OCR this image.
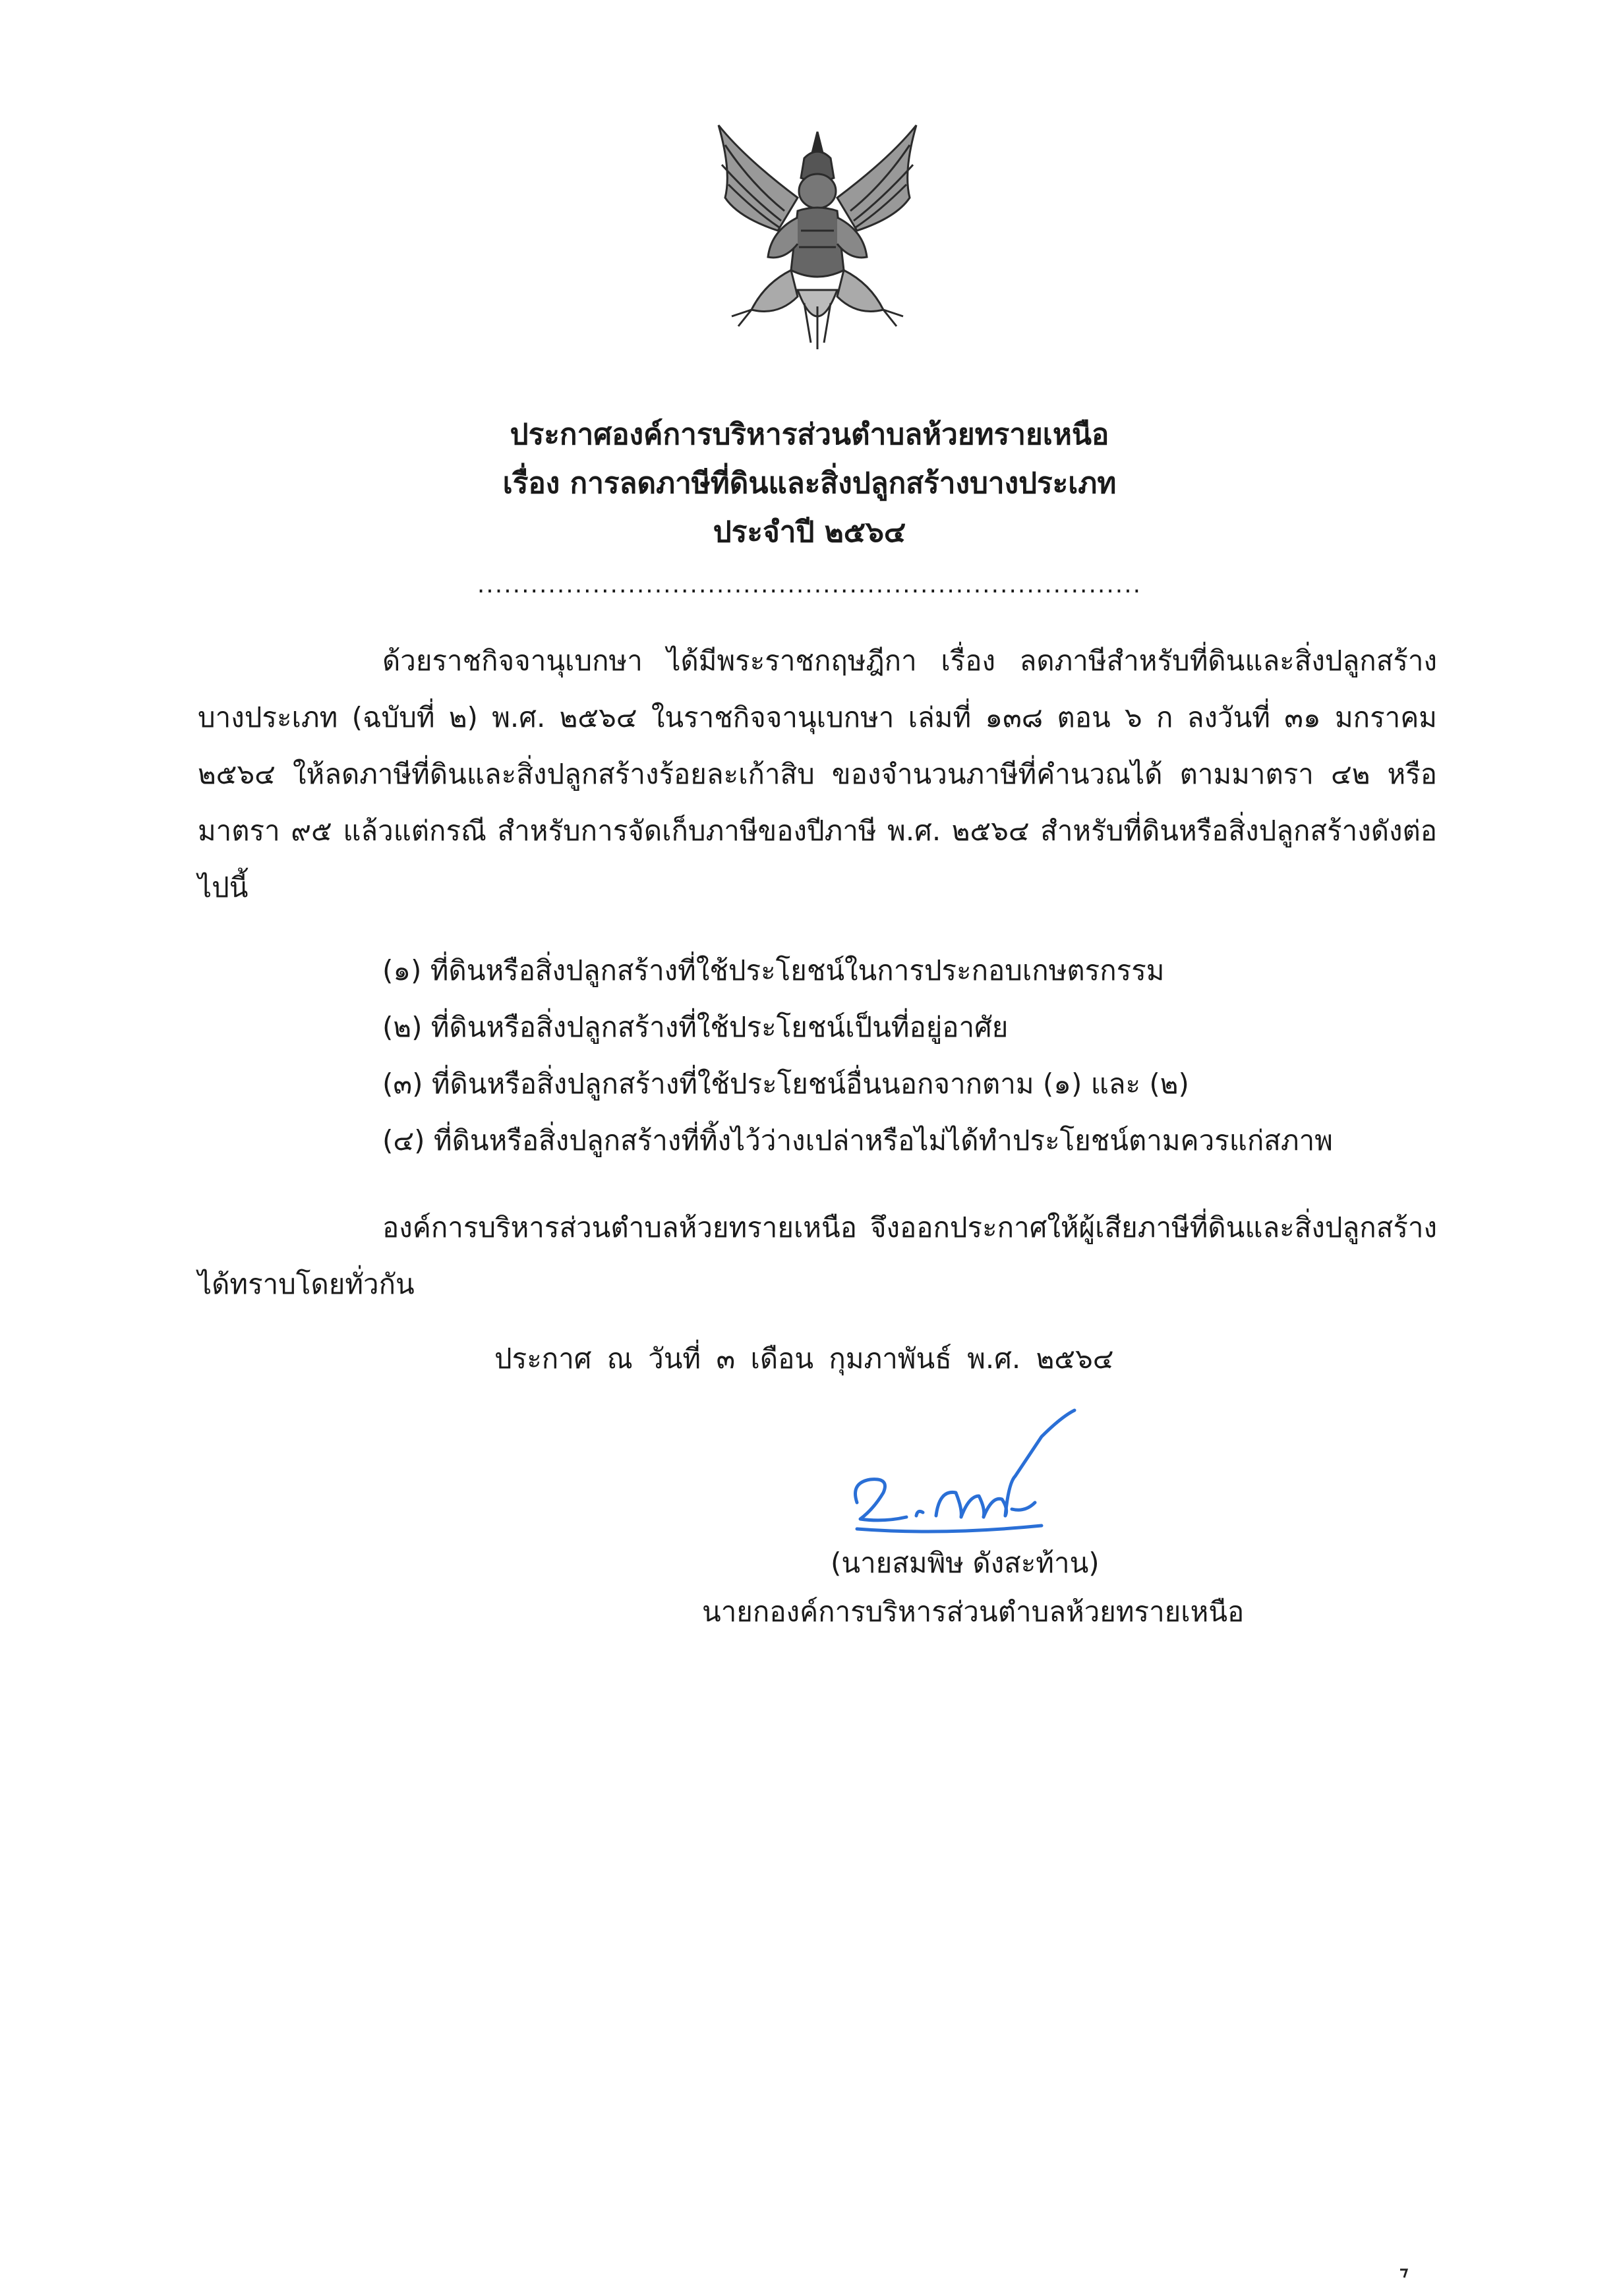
ประกาศองค์การบริหารส่วนตำบลห้วยทรายเหนือ
เรื่อง การลดภาษีที่ดินและสิ่งปลูกสร้างบางประเภท
ประจำปี ๒๕๖๔
...........................................................................
ด้วยราชกิจจานุเบกษา ได้มีพระราชกฤษฎีกา เรื่อง ลดภาษีสำหรับที่ดินและสิ่งปลูกสร้างบางประเภท (ฉบับที่ ๒) พ.ศ. ๒๕๖๔ ในราชกิจจานุเบกษา เล่มที่ ๑๓๘ ตอน ๖ ก ลงวันที่ ๓๑ มกราคม ๒๕๖๔ ให้ลดภาษีที่ดินและสิ่งปลูกสร้างร้อยละเก้าสิบ ของจำนวนภาษีที่คำนวณได้ ตามมาตรา ๔๒ หรือมาตรา ๙๕ แล้วแต่กรณี สำหรับการจัดเก็บภาษีของปีภาษี พ.ศ. ๒๕๖๔ สำหรับที่ดินหรือสิ่งปลูกสร้างดังต่อไปนี้
(๑) ที่ดินหรือสิ่งปลูกสร้างที่ใช้ประโยชน์ในการประกอบเกษตรกรรม
(๒) ที่ดินหรือสิ่งปลูกสร้างที่ใช้ประโยชน์เป็นที่อยู่อาศัย
(๓) ที่ดินหรือสิ่งปลูกสร้างที่ใช้ประโยชน์อื่นนอกจากตาม (๑) และ (๒)
(๔) ที่ดินหรือสิ่งปลูกสร้างที่ทิ้งไว้ว่างเปล่าหรือไม่ได้ทำประโยชน์ตามควรแก่สภาพ
องค์การบริหารส่วนตำบลห้วยทรายเหนือ จึงออกประกาศให้ผู้เสียภาษีที่ดินและสิ่งปลูกสร้างได้ทราบโดยทั่วกัน
ประกาศ ณ วันที่ ๓ เดือน กุมภาพันธ์ พ.ศ. ๒๕๖๔
(นายสมพิษ ดังสะท้าน)
นายกองค์การบริหารส่วนตำบลห้วยทรายเหนือ
